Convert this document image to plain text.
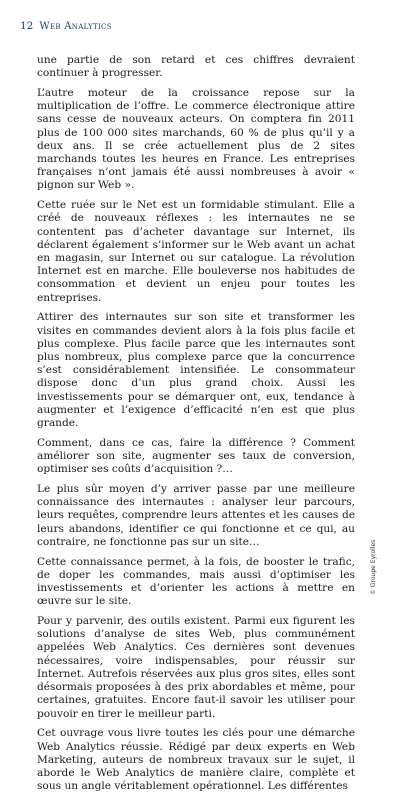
12 Web Analytics

une partie de son retard et ces chiffres devraient continuer à progresser.

L’autre moteur de la croissance repose sur la multiplication de l’offre. Le commerce électronique attire sans cesse de nouveaux acteurs. On comptera fin 2011 plus de 100 000 sites marchands, 60 % de plus qu’il y a deux ans. Il se crée actuellement plus de 2 sites marchands toutes les heures en France. Les entreprises françaises n’ont jamais été aussi nombreuses à avoir « pignon sur Web ».

Cette ruée sur le Net est un formidable stimulant. Elle a créé de nouveaux réflexes : les internautes ne se contentent pas d’acheter davantage sur Internet, ils déclarent également s’informer sur le Web avant un achat en magasin, sur Internet ou sur catalogue. La révolution Internet est en marche. Elle bouleverse nos habitudes de consommation et devient un enjeu pour toutes les entreprises.

Attirer des internautes sur son site et transformer les visites en commandes devient alors à la fois plus facile et plus complexe. Plus facile parce que les internautes sont plus nombreux, plus complexe parce que la concurrence s’est considérablement intensifiée. Le consommateur dispose donc d’un plus grand choix. Aussi les investissements pour se démarquer ont, eux, tendance à augmenter et l’exigence d’efficacité n’en est que plus grande.

Comment, dans ce cas, faire la différence ? Comment améliorer son site, augmenter ses taux de conversion, optimiser ses coûts d’acquisition ?…

Le plus sûr moyen d’y arriver passe par une meilleure connaissance des internautes : analyser leur parcours, leurs requêtes, comprendre leurs attentes et les causes de leurs abandons, identifier ce qui fonctionne et ce qui, au contraire, ne fonctionne pas sur un site…

Cette connaissance permet, à la fois, de booster le trafic, de doper les commandes, mais aussi d’optimiser les investissements et d’orienter les actions à mettre en œuvre sur le site.

Pour y parvenir, des outils existent. Parmi eux figurent les solutions d’analyse de sites Web, plus communément appelées Web Analytics. Ces dernières sont devenues nécessaires, voire indispensables, pour réussir sur Internet. Autrefois réservées aux plus gros sites, elles sont désormais proposées à des prix abordables et même, pour certaines, gratuites. Encore faut-il savoir les utiliser pour pouvoir en tirer le meilleur parti.

Cet ouvrage vous livre toutes les clés pour une démarche Web Analytics réussie. Rédigé par deux experts en Web Marketing, auteurs de nombreux travaux sur le sujet, il aborde le Web Analytics de manière claire, complète et sous un angle véritablement opérationnel. Les différentes

© Groupe Eyrolles
